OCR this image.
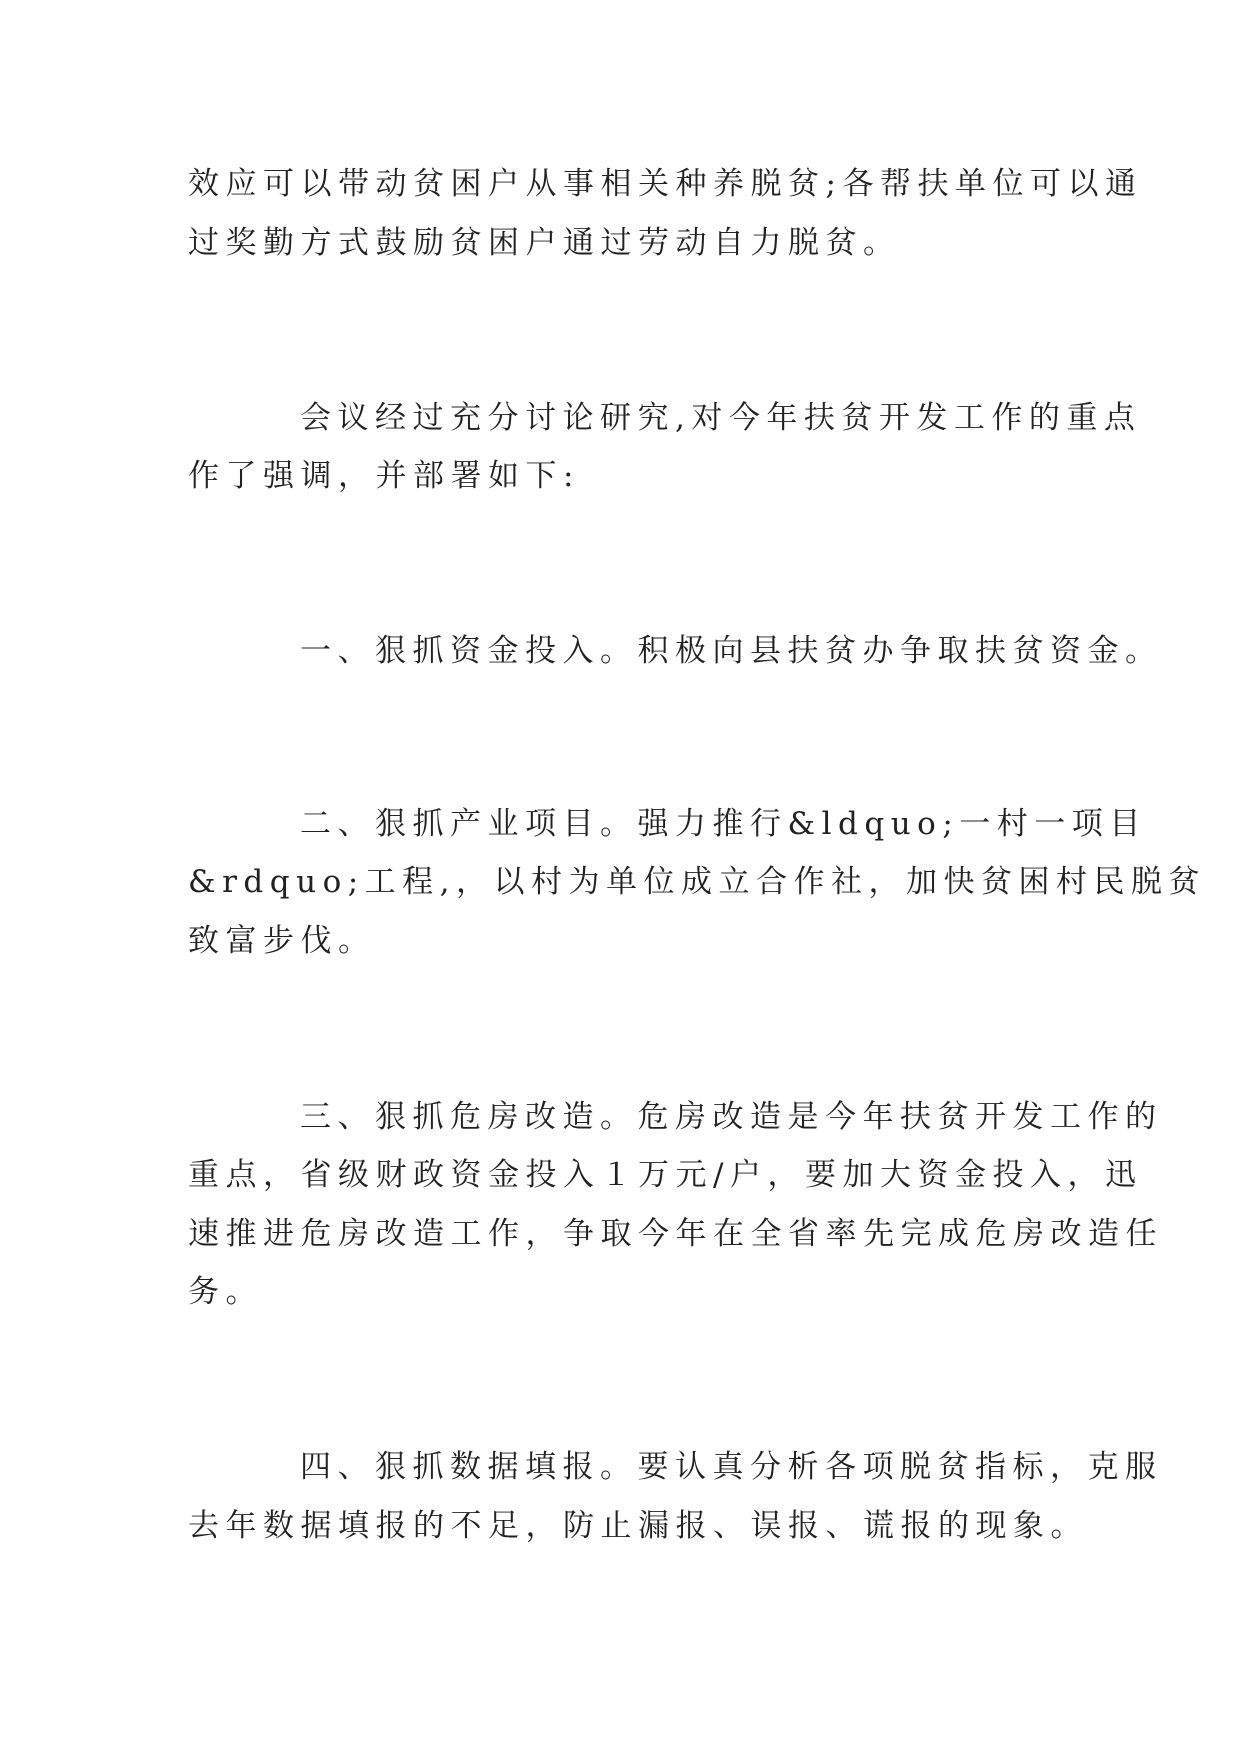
效应可以带动贫困户从事相关种养脱贫;各帮扶单位可以通
过奖勤方式鼓励贫困户通过劳动自力脱贫。
会议经过充分讨论研究,对今年扶贫开发工作的重点
作了强调，并部署如下:
一、狠抓资金投入。积极向县扶贫办争取扶贫资金。
二、狠抓产业项目。强力推行&ldquo;一村一项目
&rdquo;工程,，以村为单位成立合作社，加快贫困村民脱贫
致富步伐。
三、狠抓危房改造。危房改造是今年扶贫开发工作的
重点，省级财政资金投入１万元/户，要加大资金投入，迅
速推进危房改造工作，争取今年在全省率先完成危房改造任
务。
四、狠抓数据填报。要认真分析各项脱贫指标，克服
去年数据填报的不足，防止漏报、误报、谎报的现象。
